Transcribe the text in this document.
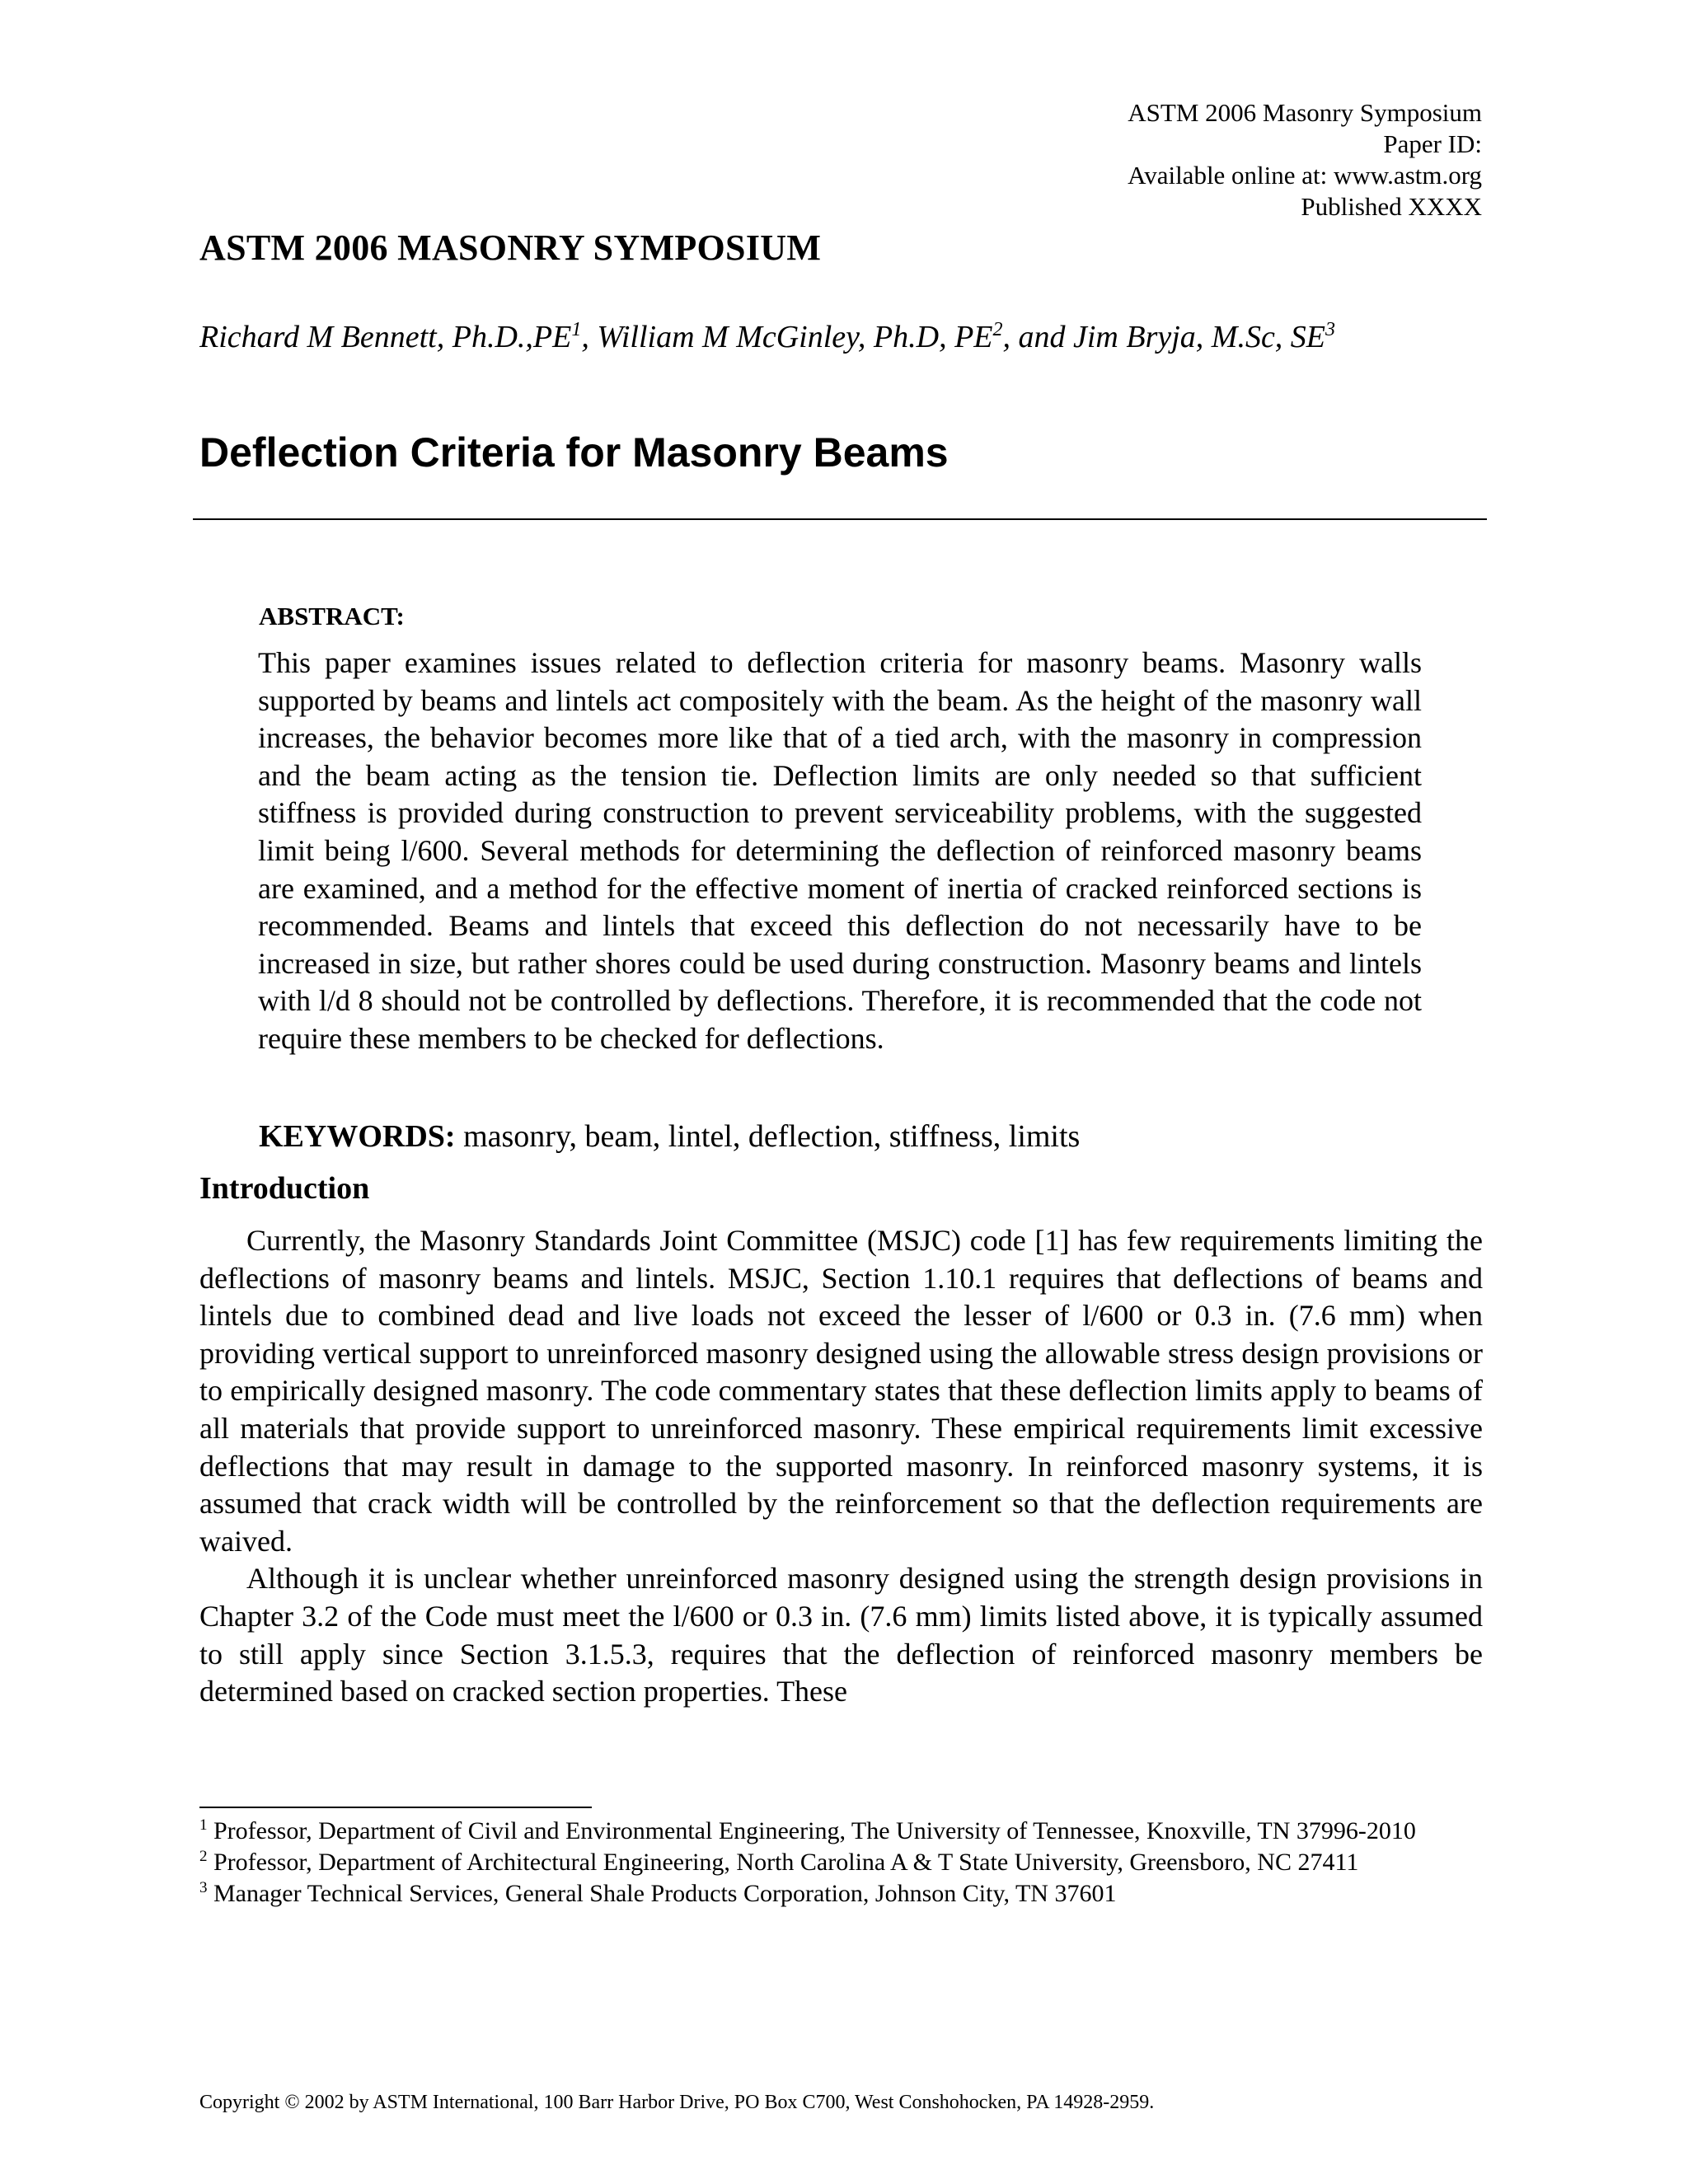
ASTM 2006 Masonry Symposium
Paper ID:
Available online at: www.astm.org
Published XXXX
ASTM 2006 MASONRY SYMPOSIUM

Richard M Bennett, $Ph.D.,PE^1$, William M McGinley, Ph.D, $PE^2$, and Jim Bryja, M.Sc, $SE^3$

Deflection Criteria for Masonry Beams
ABSTRACT:

This paper examines issues related to deflection criteria for masonry beams. Masonry walls supported by beams and lintels act compositely with the beam. As the height of the masonry wall increases, the behavior becomes more like that of a tied arch, with the masonry in compression and the beam acting as the tension tie. Deflection limits are only needed so that sufficient stiffness is provided during construction to prevent serviceability problems, with the suggested limit being l/600. Several methods for determining the deflection of reinforced masonry beams are examined, and a method for the effective moment of inertia of cracked reinforced sections is recommended. Beams and lintels that exceed this deflection do not necessarily have to be increased in size, but rather shores could be used during construction. Masonry beams and lintels with l/d 8 should not be controlled by deflections. Therefore, it is recommended that the code not require these members to be checked for deflections.

KEYWORDS: masonry, beam, lintel, deflection, stiffness, limits

Introduction

Currently, the Masonry Standards Joint Committee (MSJC) code [1] has few requirements limiting the deflections of masonry beams and lintels. MSJC, Section 1.10.1 requires that deflections of beams and lintels due to combined dead and live loads not exceed the lesser of l/600 or 0.3 in. (7.6 mm) when providing vertical support to unreinforced masonry designed using the allowable stress design provisions or to empirically designed masonry. The code commentary states that these deflection limits apply to beams of all materials that provide support to unreinforced masonry. These empirical requirements limit excessive deflections that may result in damage to the supported masonry. In reinforced masonry systems, it is assumed that crack width will be controlled by the reinforcement so that the deflection requirements are waived.

Although it is unclear whether unreinforced masonry designed using the strength design provisions in Chapter 3.2 of the Code must meet the l/600 or 0.3 in. (7.6 mm) limits listed above, it is typically assumed to still apply since Section 3.1.5.3, requires that the deflection of reinforced masonry members be determined based on cracked section properties. These

$^1$ Professor, Department of Civil and Environmental Engineering, The University of Tennessee, Knoxville, TN 37996-2010

$^2$ Professor, Department of Architectural Engineering, North Carolina A & T State University, Greensboro, NC 27411

$^3$ Manager Technical Services, General Shale Products Corporation, Johnson City, TN 37601

Copyright © 2002 by ASTM International, 100 Barr Harbor Drive, PO Box C700, West Conshohocken, PA 14928-2959.
